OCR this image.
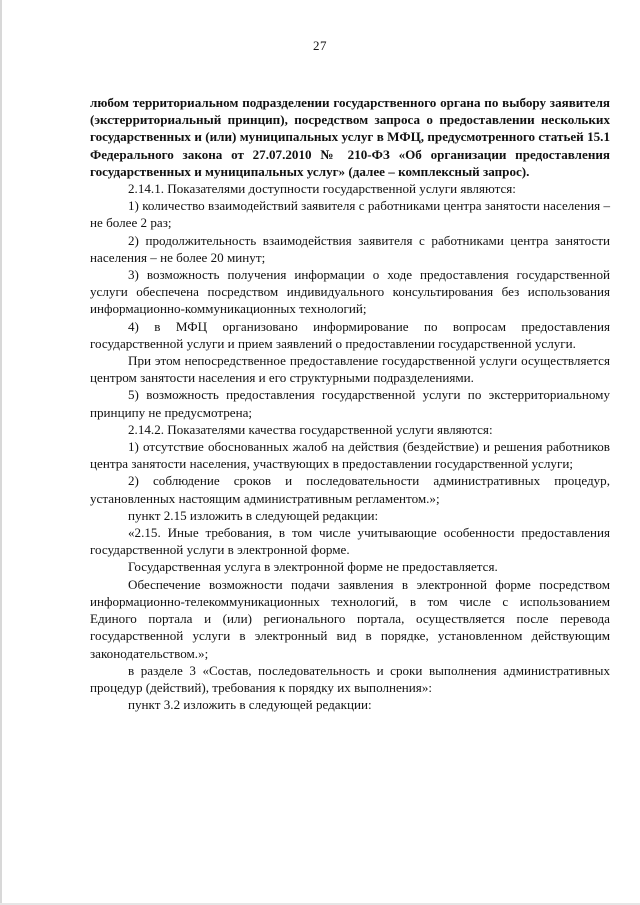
27

любом территориальном подразделении государственного органа по выбору заявителя (экстерриториальный принцип), посредством запроса о предоставлении нескольких государственных и (или) муниципальных услуг в МФЦ, предусмотренного статьей 15.1 Федерального закона от 27.07.2010 № 210-ФЗ «Об организации предоставления государственных и муниципальных услуг» (далее – комплексный запрос).

2.14.1. Показателями доступности государственной услуги являются:

1) количество взаимодействий заявителя с работниками центра занятости населения – не более 2 раз;

2) продолжительность взаимодействия заявителя с работниками центра занятости населения – не более 20 минут;

3) возможность получения информации о ходе предоставления государственной услуги обеспечена посредством индивидуального консультирования без использования информационно-коммуникационных технологий;

4) в МФЦ организовано информирование по вопросам предоставления государственной услуги и прием заявлений о предоставлении государственной услуги.

При этом непосредственное предоставление государственной услуги осуществляется центром занятости населения и его структурными подразделениями.

5) возможность предоставления государственной услуги по экстерриториальному принципу не предусмотрена;

2.14.2. Показателями качества государственной услуги являются:

1) отсутствие обоснованных жалоб на действия (бездействие) и решения работников центра занятости населения, участвующих в предоставлении государственной услуги;

2) соблюдение сроков и последовательности административных процедур, установленных настоящим административным регламентом.»;

пункт 2.15 изложить в следующей редакции:

«2.15. Иные требования, в том числе учитывающие особенности предоставления государственной услуги в электронной форме.

Государственная услуга в электронной форме не предоставляется.

Обеспечение возможности подачи заявления в электронной форме посредством информационно-телекоммуникационных технологий, в том числе с использованием Единого портала и (или) регионального портала, осуществляется после перевода государственной услуги в электронный вид в порядке, установленном действующим законодательством.»;

в разделе 3 «Состав, последовательность и сроки выполнения административных процедур (действий), требования к порядку их выполнения»:

пункт 3.2 изложить в следующей редакции:
